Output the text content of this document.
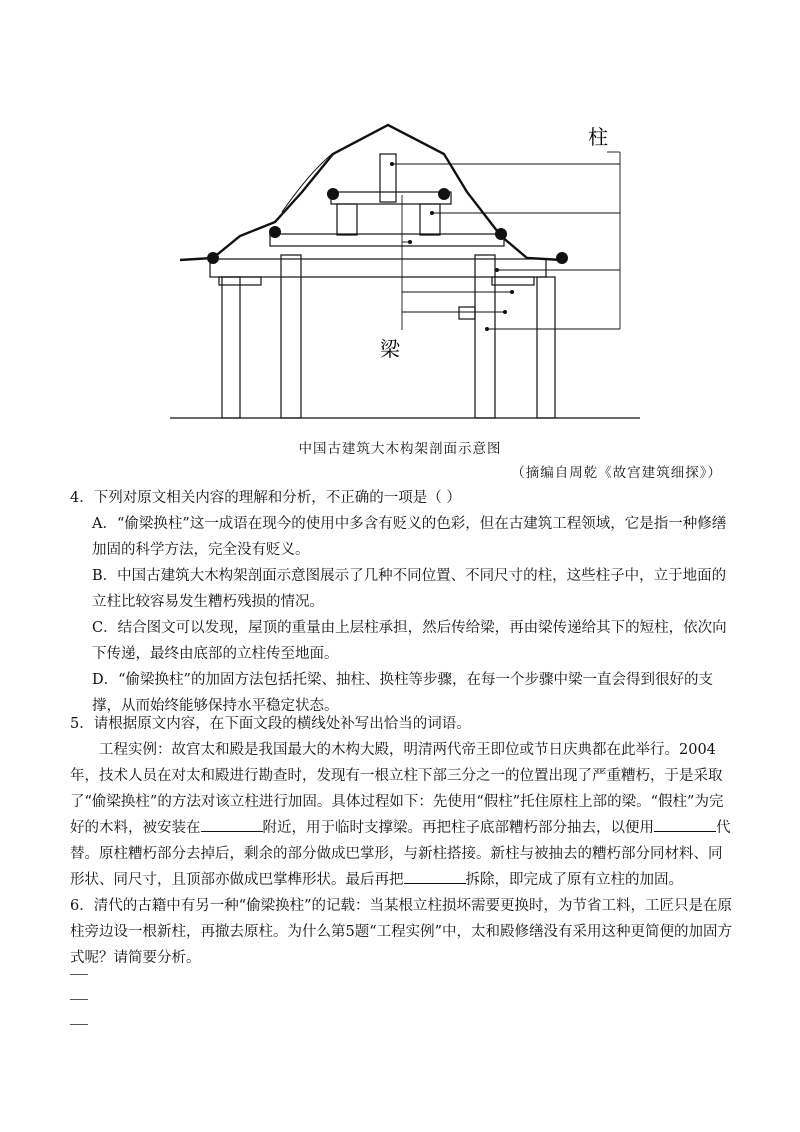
柱
梁
中国古建筑大木构架剖面示意图
（摘编自周乾《故宫建筑细探》）
4．下列对原文相关内容的理解和分析，不正确的一项是（ ）
A．“偷梁换柱”这一成语在现今的使用中多含有贬义的色彩，但在古建筑工程领域，它是指一种修缮加固的科学方法，完全没有贬义。
B．中国古建筑大木构架剖面示意图展示了几种不同位置、不同尺寸的柱，这些柱子中，立于地面的立柱比较容易发生糟朽残损的情况。
C．结合图文可以发现，屋顶的重量由上层柱承担，然后传给梁，再由梁传递给其下的短柱，依次向下传递，最终由底部的立柱传至地面。
D．“偷梁换柱”的加固方法包括托梁、抽柱、换柱等步骤，在每一个步骤中梁一直会得到很好的支撑，从而始终能够保持水平稳定状态。
5．请根据原文内容，在下面文段的横线处补写出恰当的词语。
工程实例：故宫太和殿是我国最大的木构大殿，明清两代帝王即位或节日庆典都在此举行。2004年，技术人员在对太和殿进行勘查时，发现有一根立柱下部三分之一的位置出现了严重糟朽，于是采取了“偷梁换柱”的方法对该立柱进行加固。具体过程如下：先使用“假柱”托住原柱上部的梁。“假柱”为完好的木料，被安装在	附近，用于临时支撑梁。再把柱子底部糟朽部分抽去，以便用	代替。原柱糟朽部分去掉后，剩余的部分做成巴掌形，与新柱搭接。新柱与被抽去的糟朽部分同材料、同形状、同尺寸，且顶部亦做成巴掌榫形状。最后再把	拆除，即完成了原有立柱的加固。
6．清代的古籍中有另一种“偷梁换柱”的记载：当某根立柱损坏需要更换时，为节省工料，工匠只是在原柱旁边设一根新柱，再撤去原柱。为什么第5题“工程实例”中，太和殿修缮没有采用这种更简便的加固方式呢？请简要分析。
